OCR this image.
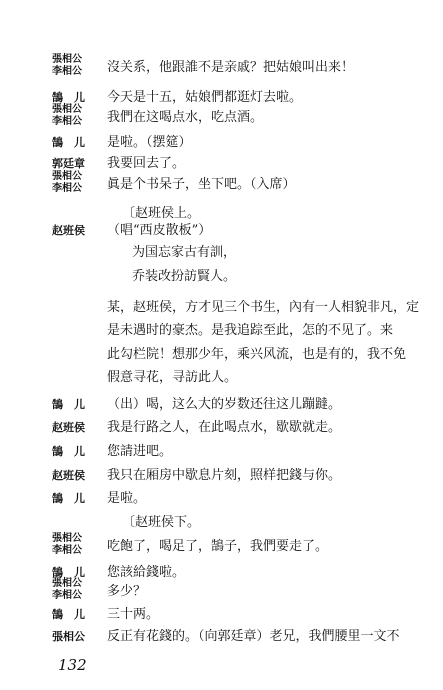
張相公
李相公 沒关系，他跟誰不是亲戚？把姑娘叫出来！
鵠　儿 今天是十五，姑娘們都逛灯去啦。
張相公
李相公 我們在这喝点水，吃点酒。
鵠　儿 是啦。（摆筵）
郭廷章 我要回去了。
張相公
李相公 眞是个书呆子，坐下吧。（入席）
〔赵班侯上。
赵班侯 （唱“西皮散板”）
为国忘家古有訓，
乔装改扮訪賢人。
某，赵班侯，方才见三个书生，內有一人相貌非凡，定
是未遇时的豪杰。是我追踪至此，怎的不见了。来
此勾栏院！想那少年，乘兴风流，也是有的，我不免
假意寻花，寻訪此人。
鵠　儿 （出）喝，这么大的岁数还往这儿蹦躂。
赵班侯 我是行路之人，在此喝点水，歇歇就走。
鵠　儿 您請进吧。
赵班侯 我只在厢房中歇息片刻，照样把錢与你。
鵠　儿 是啦。
〔赵班侯下。
張相公
李相公 吃飽了，喝足了，鵠子，我們要走了。
鵠　儿 您該給錢啦。
張相公
李相公 多少？
鵠　儿 三十两。
張相公 反正有花錢的。（向郭廷章）老兄，我們腰里一文不
132
